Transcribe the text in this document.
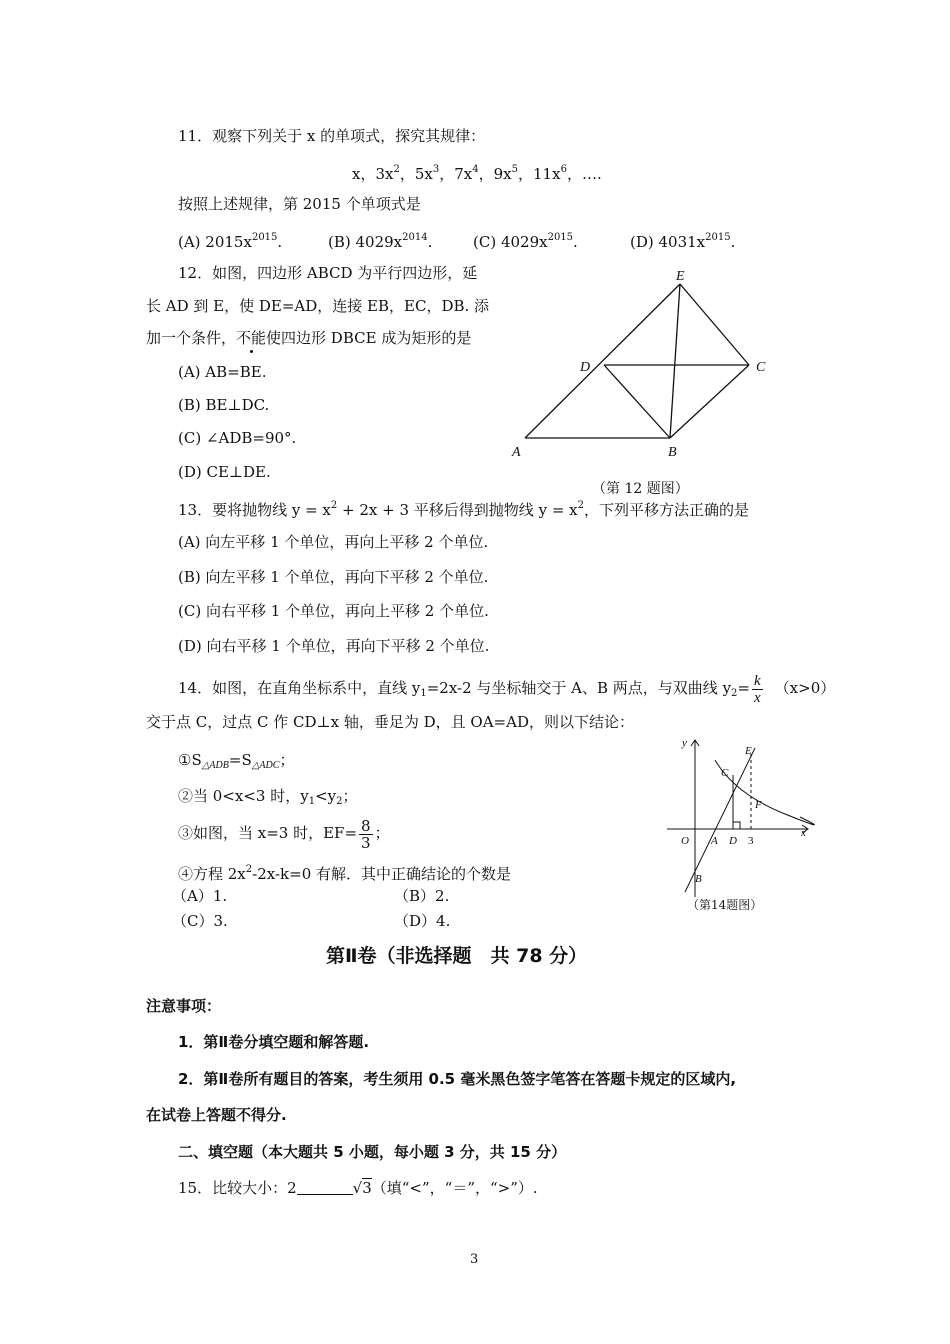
11．观察下列关于 x 的单项式，探究其规律：
x，$3x^2$，$5x^3$，$7x^4$，$9x^5$，$11x^6$，….
按照上述规律，第 2015 个单项式是
(A) $2015x^{2015}$.	(B) $4029x^{2014}$.	(C) $4029x^{2015}$.	(D) $4031x^{2015}$.
12．如图，四边形 ABCD 为平行四边形，延
长 AD 到 E，使 DE=AD，连接 EB，EC，DB. 添
加一个条件，不能使四边形 DBCE 成为矩形的是
(A) AB=BE.
(B) BE⊥DC.
(C) ∠ADB=90°.
(D) CE⊥DE.
E
D	C
A	B
（第 12 题图）
13．要将抛物线 $y = x^2 + 2x + 3$ 平移后得到抛物线 $y = x^2$，下列平移方法正确的是
(A) 向左平移 1 个单位，再向上平移 2 个单位.
(B) 向左平移 1 个单位，再向下平移 2 个单位.
(C) 向右平移 1 个单位，再向上平移 2 个单位.
(D) 向右平移 1 个单位，再向下平移 2 个单位.
14．如图，在直角坐标系中，直线 $y_1=2x-2$ 与坐标轴交于 A、B 两点，与双曲线 $y_2= \frac{k}{x} (x>0)$
交于点 C，过点 C 作 CD⊥x 轴，垂足为 D，且 OA=AD，则以下结论：
$①S_{\triangle ADB}=S_{\triangle ADC}$；
②当 0<x<3 时，$y_1<y_2$；
③如图，当 x=3 时，$EF= \frac{8}{3}$ ；
④方程 $2x^2-2x-k=0$ 有解．其中正确结论的个数是
（A）1.	（B）2.
（C）3.	（D）4.
y
E
C
F
O A D 3
x
B
（第14题图）
第Ⅱ卷（非选择题　共 78 分）
注意事项：
1．第Ⅱ卷分填空题和解答题.
2．第Ⅱ卷所有题目的答案，考生须用 0.5 毫米黑色签字笔答在答题卡规定的区域内,
在试卷上答题不得分.
二、填空题（本大题共 5 小题，每小题 3 分，共 15 分）
15．比较大小：2	√3（填“<”，“＝”，“>”）.
3
